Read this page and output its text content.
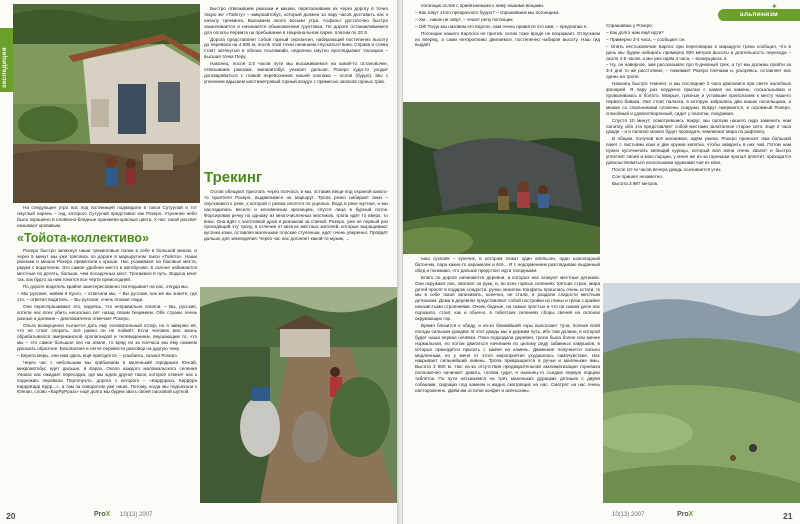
экспедиция

На следующее утро нас под гостиницей поджидали в такси Сутуулай и тот смуглый парень – гид, которого Сутуулай представил как Рохеро. Утреннее небо было окрашено в оловянно-бледные оранжево-красные цвета. У нас такой рассвет называют кровавым.

«Тойота-коллективо»

Рохеро быстро запихнул наши трекинговые палки в себе в большой мешок, и через 5 минут мы уже тряслись по дороге в маршрутном такси «Тойота». Наши рюкзаки и мешок Рохеро примотали к крыше. Нас усаживают на боковые места, рядом с водителем. Это самое удобное место в автобусике: в салоне набиваются местные по десять, больше, чем посадочных мест. Трогаемся в путь. Водила мчит так, как будто за ним гонится все черти преисподней.

По дороге водитель крайне заинтересованно поглядывает на нас, откуда мы.

– Мы русские, живем в Куско, – ответили мы. – Вы русские, как же вы знаете, где это, – ответил водитель. – Вы русские, очень плохие люди.

Они переспрашивают его, надеясь, что неправильно поняли. – Вы, русские, хотели нас всех убить несколько лет назад своим безумием. Обе страны очень разные и далекие – дипломатично отмечает Рохеро.

Ольга возмущенно пытается дать ему основательный отпор, но я заверяю её, что не стоит спорить, всё равно он не поймёт. Если человек всю жизнь обрабатывался американской пропагандой и телевидением, внушающим то, что мы – это самое большое зло на земле, то вряд ли за полчаса мы ему сможем доказать обратное. Безопаснее и легче перевести разговор на другую тему.

– Берега меры, они нам здесь ещё пригодятся, – улыбаясь, сказал Рохеро.

Через час с небольшим мы прибываем в маленький городишко Юнгай, микроавтобус едет дальше, в Караз. Около каждого маломальского селения Уанкас нас ожидает пересадка, где мы ждем другое такси, которое отвезет нас к подножию перевала Портачуэло, дорога с которого – «Карррразз, Карррра КарррКарр Кррр...», а там за поворотом уже наше. Потому, когда мы подъехали к Юнгаю, слово «КарРрРразз» ещё долго мы будем звать своей ласковой шуткой.

Быстро отвязываем рюкзаки и мешки, перетаскиваем их через дорогу в точно такую же «Тойоту» – микроавтобус, который должен за пару часов доставить нас к началу треккинга. Выезжаем около восьми утра. Асфальт достаточно быстро заканчивается и начинается обыкновенная грунтовка. По дороге останавливаемся для оплаты пермита на пребывание в Национальном парке, платим по 20 S.

Дорога представляет собой горный серпантин, набирающий постепенно высоту до перевала на 4 880 м, после этой точки начинаем спускаться вниз. Справа и слева стоят затянутые в облака Альпамайо, недалеко смутно проглядывает Уаскаран – высшая точка Перу.

Наконец, после 2,5 часов пути мы высаживаемся на какой-то остановочке, отвязываем рюкзаки, миниавтобус уезжает дальше. Рохеро куда-то уходит договариваться с главой перевозчиков нашей поклажи – ослов (бурро). Мы с упоением вдыхаем шестиметровый горный воздух с примесью запахов горных трав.

Трекинг

Ослов обещают прислать через полчаса, и мы, оставив вещи под охраной какого-то приятеля Рохеро, выдвигаемся на маршрут. Тропа резко набирает вниз – опускаемся к реке, к которой с ревом несётся по ущелью. Вода в реке мутная, и мы насладились весело и мгновенным зрелищем, спустя лица в бурный поток. Форсировав речку по одному из многочисленных мостиков, тропа идёт то вверх, то вниз. Она идёт с заготовкой дров и рюкзаком за спиной. Рохеро, уже не первый раз проходящий эту тропу, в отличие от многих местных жителей, которые выращивают кусочки кожи, оставляя маленькие плоские ступеньки, идёт очень уверенно. Пройдёт дальше для земледелия. Через час нас догоняет какой-то мужик, ...

20	ProX 10(13) 2007
альпинизм

погонщик ослов с привязанными к нему нашими вещами.

– Как зовут этого прекрасного бурро? – спрашиваем мы погонщика.

– Хм... никак не зовут, – чешет репу погонщик.

– Ой! Тогда мы назовем его Карлос, нам очень нравится это имя, – предлагаю я.

Погонщик нашего Карлоса не против, ослик тоже вроде не возражает. Отпускаем их вперёд, а сами неторопливо двигаемся, постепенно набирая высоту. Наш гид выдаёт

наш сухпаёк – купечик, в котором лежат один апельсин, один шоколадный батончик, пара каких-то карамелек и всё... Я с недоумением разглядываю выданный обед и понимаю, что дальше предстоит идти голодными.

Благо по дороге начинаются деревни, в которых нас атакуют местные детишки. Они окружают нас, хватают за руки, и, во всех горных селениях третьих стран, мира детей просят в подарок сладости, ручки, монетки. Конфеты прошлись очень кстати, тк мы в себе такое запихивать, конечно, не стали, а раздали сладости местным детишкам. Дома в деревнях представляют собой постройки из глины и грязи с крайне неказистыми строениями. Очень бедные, на самых простых и что на самом деле нас поразило, стоит, как и обычно, в тибетских селениях сборы свечей на склонах окружающих гор.

Время близится к обеду, и из-за ближайшей горы выползает туча, полная всей погоды сильным дождём. В этот дождь мы и держим путь, ибо там долина, в которой будет наша первая ночёвка. Пока подходила деревня, тропа была более или менее нормальная, но потом двигаться начинаем по целому ряду забавных камушков, в которых приходится прыгать с камня на камень. Движение получается сильно медленным, но у меня от этого мероприятия ухудшилось самочувствие. Нас накрывает сильнейший ливень. Тропа превращается в ручьи и маленькие ямы. Высота 3 800 м. Нас из-за отсутствия предварительной акклиматизации горняшка полномочно начинает давить, голова гудит, я наконец-то съедаю первую порцию таблеток. По пути натыкаемся на трёх маленьких дурацких детишек с двумя собаками, сидящих под камнем и жадно смотрящих на нас. Смотрят на нас очень настороженно. Даём им остатки конфет и апельсины.

Спрашиваю у Рохеро:

– Как долго нам ещё идти?

– Примерно 3-4 часа, – сообщает он.

– Опять нестыковочка! Карлос при переговорах о маршруте трека сообщил, что в день мы будем набирать примерно 500 метров высоты и длительность перехода – около 4-5 часов, а мы уже идём 4 часа, – возмущаюсь я.

– Ну, он наверное, зам рассказывал про 6-дневный трек, а тут мы должны пройти за 3-4 дня то же расстояние, – пожимает Рохеро плечами и, ускоряясь, оставляет нас одних на тропе.

Наконец быстро темнеет, и мы последние 3 часа двигаемся при свете налобных фонарей. Я пару раз неудачно прыгаю с камня на камень, соскальзываю и проваливаюсь в болото. Мокрые, грязные и уставшие приползаем к месту нашего первого бивака. Уже стоит палатка, в которую забрались два наших носильщика, а мешки со спальниками сложены снаружи. Вокруг смеркается, и огромный Рохеро, спокойный и удовлетворенный, сидит у палатки, покуривая.

Спустя 10 минут, осмотревшись вокруг, мы просим нашего гида заменить нам палатку, ибо эта представляет собой местами залатанное старое сито. Ещё 2 часа дождя – и в палатке можно будет проводить чемпионат мира по рафтингу.

В общем, получив всё желаемое, ждём ужина. Рохеро приносит нам большой пакет с листьями коки и две кружки кипятка, чтобы заварить в них чай. Потом нам нужно кусочничать кипящий курицы, который моя жена очень хвалит и быстро уплетает своей и мою порции, у меня же из-за горняшки пропал аппетит, приходится довольствоваться несколькими кружками чая из коки.

После 10-ти часов вечера дождь осачивается утих.

Сон пришёл незаметно.

Высота 3 987 метров.

✦
21
ProX
10(13) 2007
